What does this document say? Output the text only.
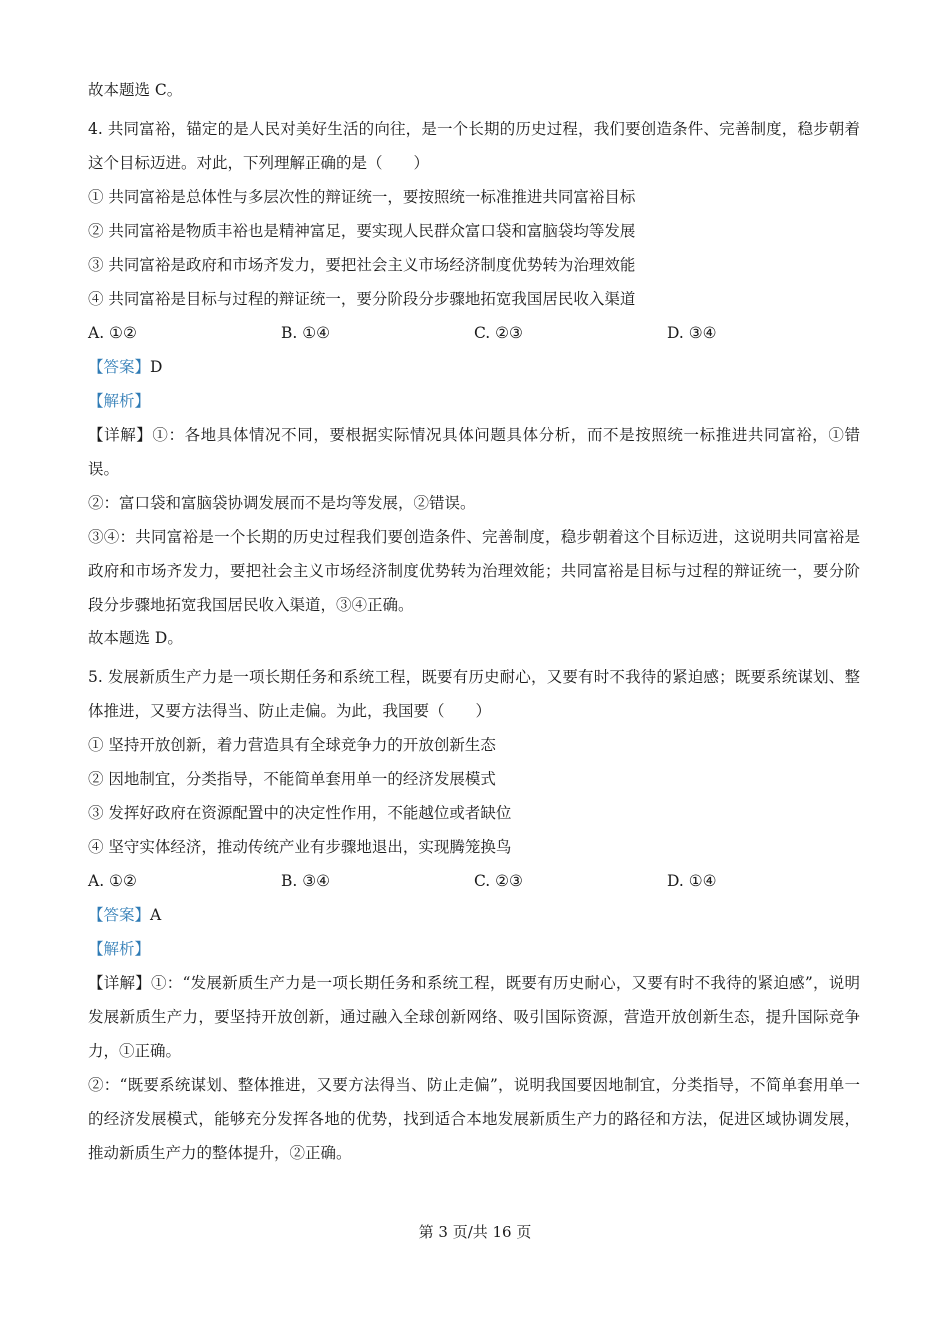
故本题选 C。

4. 共同富裕，锚定的是人民对美好生活的向往，是一个长期的历史过程，我们要创造条件、完善制度，稳步朝着这个目标迈进。对此，下列理解正确的是（　　）

① 共同富裕是总体性与多层次性的辩证统一，要按照统一标准推进共同富裕目标

② 共同富裕是物质丰裕也是精神富足，要实现人民群众富口袋和富脑袋均等发展

③ 共同富裕是政府和市场齐发力，要把社会主义市场经济制度优势转为治理效能

④ 共同富裕是目标与过程的辩证统一，要分阶段分步骤地拓宽我国居民收入渠道

A. ①②	B. ①④	C. ②③	D. ③④

【答案】D

【解析】

【详解】①：各地具体情况不同，要根据实际情况具体问题具体分析，而不是按照统一标推进共同富裕，①错误。

②：富口袋和富脑袋协调发展而不是均等发展，②错误。

③④：共同富裕是一个长期的历史过程我们要创造条件、完善制度，稳步朝着这个目标迈进，这说明共同富裕是政府和市场齐发力，要把社会主义市场经济制度优势转为治理效能；共同富裕是目标与过程的辩证统一，要分阶段分步骤地拓宽我国居民收入渠道，③④正确。

故本题选 D。

5. 发展新质生产力是一项长期任务和系统工程，既要有历史耐心，又要有时不我待的紧迫感；既要系统谋划、整体推进，又要方法得当、防止走偏。为此，我国要（　　）

① 坚持开放创新，着力营造具有全球竞争力的开放创新生态

② 因地制宜，分类指导，不能简单套用单一的经济发展模式

③ 发挥好政府在资源配置中的决定性作用，不能越位或者缺位

④ 坚守实体经济，推动传统产业有步骤地退出，实现腾笼换鸟

A. ①②	B. ③④	C. ②③	D. ①④

【答案】A

【解析】

【详解】①：“发展新质生产力是一项长期任务和系统工程，既要有历史耐心，又要有时不我待的紧迫感”，说明发展新质生产力，要坚持开放创新，通过融入全球创新网络、吸引国际资源，营造开放创新生态，提升国际竞争力，①正确。

②：“既要系统谋划、整体推进，又要方法得当、防止走偏”，说明我国要因地制宜，分类指导，不简单套用单一的经济发展模式，能够充分发挥各地的优势，找到适合本地发展新质生产力的路径和方法，促进区域协调发展，推动新质生产力的整体提升，②正确。

第 3 页/共 16 页
